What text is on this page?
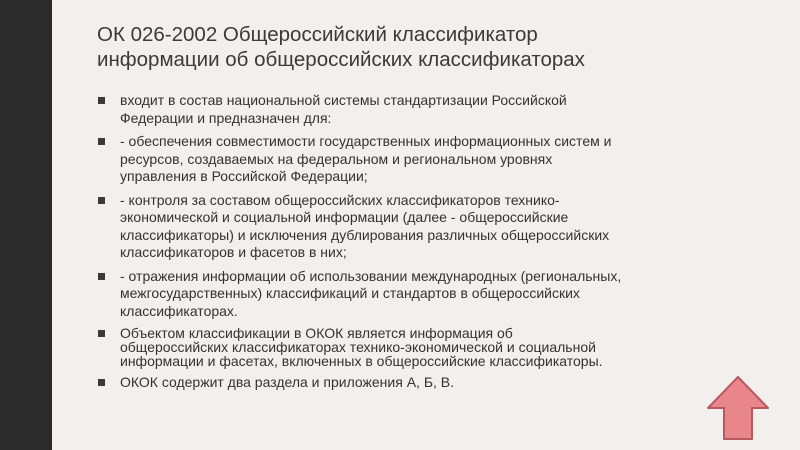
ОК 026-2002 Общероссийский классификатор
информации об общероссийских классификаторах
входит в состав национальной системы стандартизации Российской
Федерации и предназначен для:
- обеспечения совместимости государственных информационных систем и
ресурсов, создаваемых на федеральном и региональном уровнях
управления в Российской Федерации;
- контроля за составом общероссийских классификаторов технико-
экономической и социальной информации (далее - общероссийские
классификаторы) и исключения дублирования различных общероссийских
классификаторов и фасетов в них;
- отражения информации об использовании международных (региональных,
межгосударственных) классификаций и стандартов в общероссийских
классификаторах.
Объектом классификации в ОКОК является информация об
общероссийских классификаторах технико-экономической и социальной
информации и фасетах, включенных в общероссийские классификаторы.
ОКОК содержит два раздела и приложения А, Б, В.
